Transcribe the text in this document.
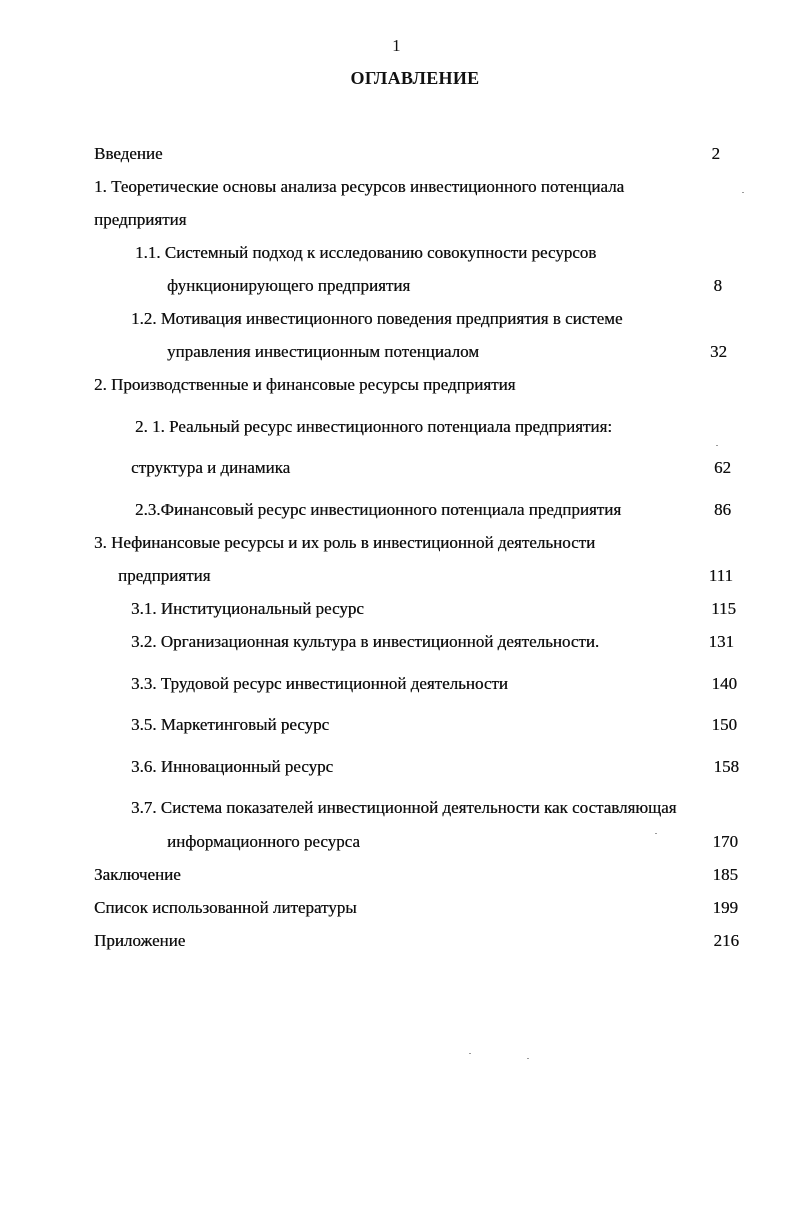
1
ОГЛАВЛЕНИЕ
Введение	2
1. Теоретические основы анализа ресурсов инвестиционного потенциала
предприятия
1.1. Системный подход к исследованию совокупности ресурсов
функционирующего предприятия	8
1.2. Мотивация инвестиционного поведения предприятия в системе
управления инвестиционным потенциалом	32
2. Производственные и финансовые ресурсы предприятия
2. 1. Реальный ресурс инвестиционного потенциала предприятия:
структура и динамика	62
2.3.Финансовый ресурс инвестиционного потенциала предприятия	86
3. Нефинансовые ресурсы и их роль в инвестиционной деятельности
предприятия	111
3.1. Институциональный ресурс	115
3.2. Организационная культура в инвестиционной деятельности.	131
3.3. Трудовой ресурс инвестиционной деятельности	140
3.5. Маркетинговый ресурс	150
3.6. Инновационный ресурс	158
3.7. Система показателей инвестиционной деятельности как составляющая
информационного ресурса	170
Заключение	185
Список использованной литературы	199
Приложение	216
